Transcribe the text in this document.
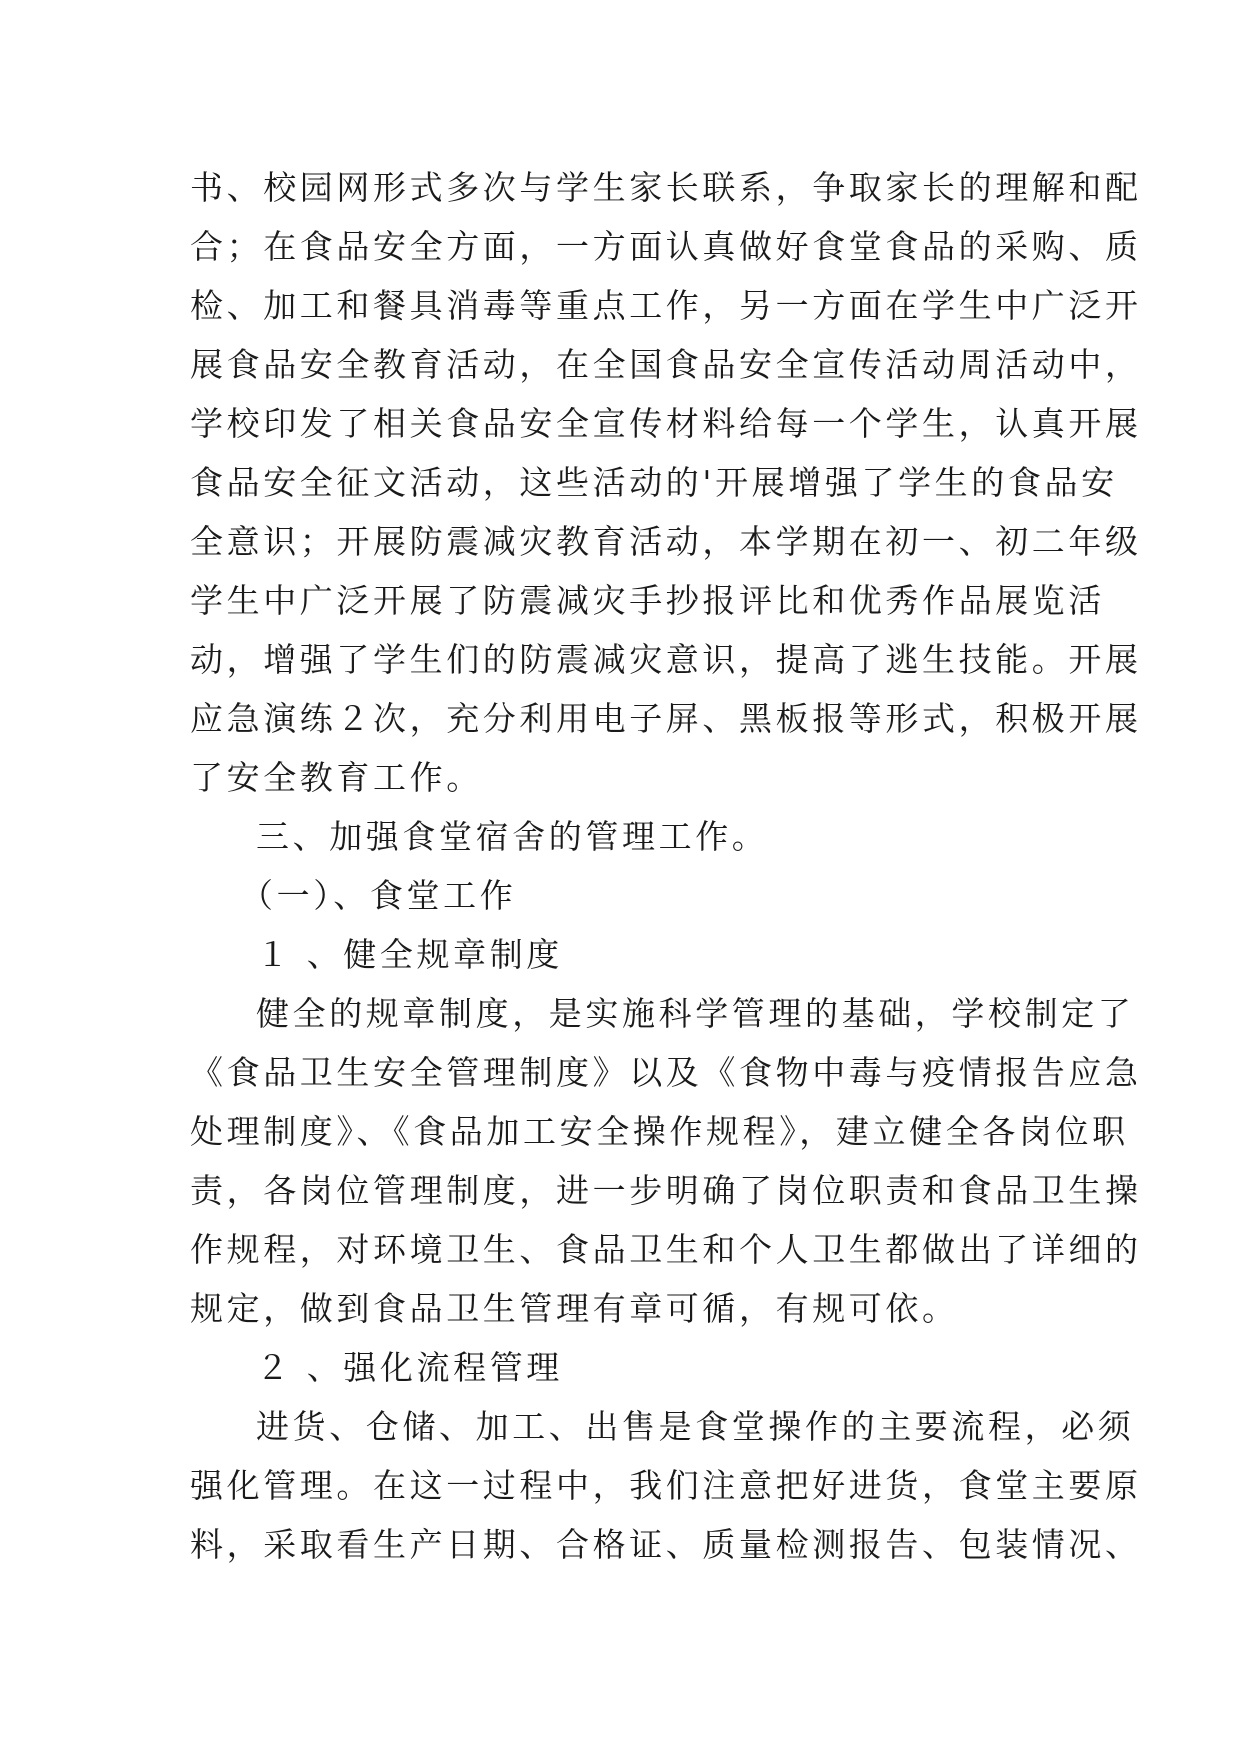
书、校园网形式多次与学生家长联系，争取家长的理解和配
合；在食品安全方面，一方面认真做好食堂食品的采购、质
检、加工和餐具消毒等重点工作，另一方面在学生中广泛开
展食品安全教育活动，在全国食品安全宣传活动周活动中，
学校印发了相关食品安全宣传材料给每一个学生，认真开展
食品安全征文活动，这些活动的'开展增强了学生的食品安
全意识；开展防震减灾教育活动，本学期在初一、初二年级
学生中广泛开展了防震减灾手抄报评比和优秀作品展览活
动，增强了学生们的防震减灾意识，提高了逃生技能。开展
应急演练２次，充分利用电子屏、黑板报等形式，积极开展
了安全教育工作。
三、加强食堂宿舍的管理工作。
（一）、食堂工作
１ 、健全规章制度
健全的规章制度，是实施科学管理的基础，学校制定了
《食品卫生安全管理制度》以及《食物中毒与疫情报告应急
处理制度》、《食品加工安全操作规程》，建立健全各岗位职
责，各岗位管理制度，进一步明确了岗位职责和食品卫生操
作规程，对环境卫生、食品卫生和个人卫生都做出了详细的
规定，做到食品卫生管理有章可循，有规可依。
２ 、强化流程管理
进货、仓储、加工、出售是食堂操作的主要流程，必须
强化管理。在这一过程中，我们注意把好进货，食堂主要原
料，采取看生产日期、合格证、质量检测报告、包装情况、
